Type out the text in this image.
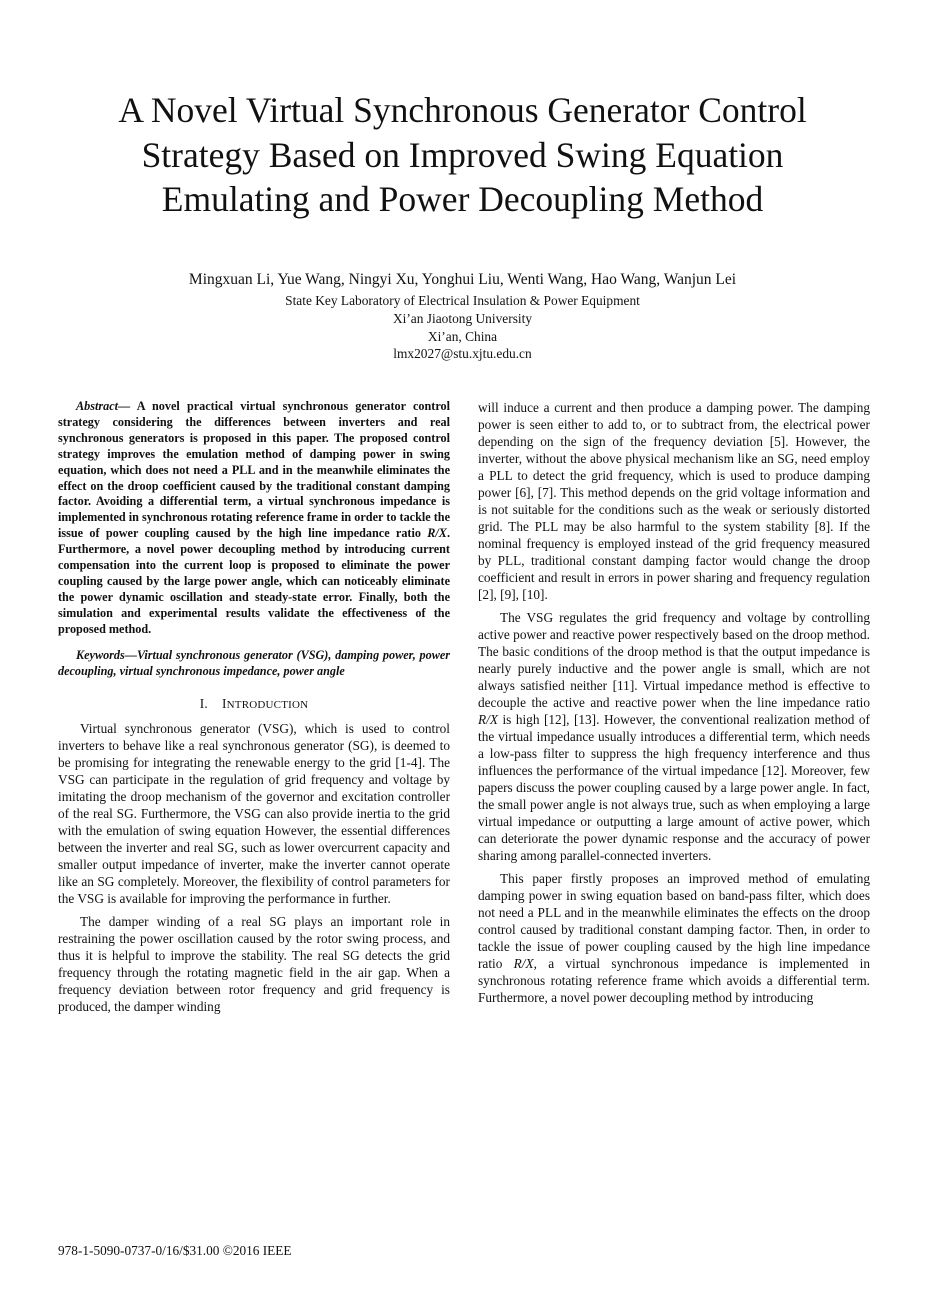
A Novel Virtual Synchronous Generator Control
Strategy Based on Improved Swing Equation
Emulating and Power Decoupling Method
Mingxuan Li, Yue Wang, Ningyi Xu, Yonghui Liu, Wenti Wang, Hao Wang, Wanjun Lei
State Key Laboratory of Electrical Insulation & Power Equipment
Xi’an Jiaotong University
Xi’an, China
lmx2027@stu.xjtu.edu.cn

Abstract— A novel practical virtual synchronous generator control strategy considering the differences between inverters and real synchronous generators is proposed in this paper. The proposed control strategy improves the emulation method of damping power in swing equation, which does not need a PLL and in the meanwhile eliminates the effect on the droop coefficient caused by the traditional constant damping factor. Avoiding a differential term, a virtual synchronous impedance is implemented in synchronous rotating reference frame in order to tackle the issue of power coupling caused by the high line impedance ratio R/X. Furthermore, a novel power decoupling method by introducing current compensation into the current loop is proposed to eliminate the power coupling caused by the large power angle, which can noticeably eliminate the power dynamic oscillation and steady-state error. Finally, both the simulation and experimental results validate the effectiveness of the proposed method.

Keywords—Virtual synchronous generator (VSG), damping power, power decoupling, virtual synchronous impedance, power angle

I. INTRODUCTION

Virtual synchronous generator (VSG), which is used to control inverters to behave like a real synchronous generator (SG), is deemed to be promising for integrating the renewable energy to the grid [1-4]. The VSG can participate in the regulation of grid frequency and voltage by imitating the droop mechanism of the governor and excitation controller of the real SG. Furthermore, the VSG can also provide inertia to the grid with the emulation of swing equation However, the essential differences between the inverter and real SG, such as lower overcurrent capacity and smaller output impedance of inverter, make the inverter cannot operate like an SG completely. Moreover, the flexibility of control parameters for the VSG is available for improving the performance in further.

The damper winding of a real SG plays an important role in restraining the power oscillation caused by the rotor swing process, and thus it is helpful to improve the stability. The real SG detects the grid frequency through the rotating magnetic field in the air gap. When a frequency deviation between rotor frequency and grid frequency is produced, the damper winding

will induce a current and then produce a damping power. The damping power is seen either to add to, or to subtract from, the electrical power depending on the sign of the frequency deviation [5]. However, the inverter, without the above physical mechanism like an SG, need employ a PLL to detect the grid frequency, which is used to produce damping power [6], [7]. This method depends on the grid voltage information and is not suitable for the conditions such as the weak or seriously distorted grid. The PLL may be also harmful to the system stability [8]. If the nominal frequency is employed instead of the grid frequency measured by PLL, traditional constant damping factor would change the droop coefficient and result in errors in power sharing and frequency regulation [2], [9], [10].

The VSG regulates the grid frequency and voltage by controlling active power and reactive power respectively based on the droop method. The basic conditions of the droop method is that the output impedance is nearly purely inductive and the power angle is small, which are not always satisfied neither [11]. Virtual impedance method is effective to decouple the active and reactive power when the line impedance ratio R/X is high [12], [13]. However, the conventional realization method of the virtual impedance usually introduces a differential term, which needs a low-pass filter to suppress the high frequency interference and thus influences the performance of the virtual impedance [12]. Moreover, few papers discuss the power coupling caused by a large power angle. In fact, the small power angle is not always true, such as when employing a large virtual impedance or outputting a large amount of active power, which can deteriorate the power dynamic response and the accuracy of power sharing among parallel-connected inverters.

This paper firstly proposes an improved method of emulating damping power in swing equation based on band-pass filter, which does not need a PLL and in the meanwhile eliminates the effects on the droop control caused by traditional constant damping factor. Then, in order to tackle the issue of power coupling caused by the high line impedance ratio R/X, a virtual synchronous impedance is implemented in synchronous rotating reference frame which avoids a differential term. Furthermore, a novel power decoupling method by introducing

978-1-5090-0737-0/16/$31.00 ©2016 IEEE
